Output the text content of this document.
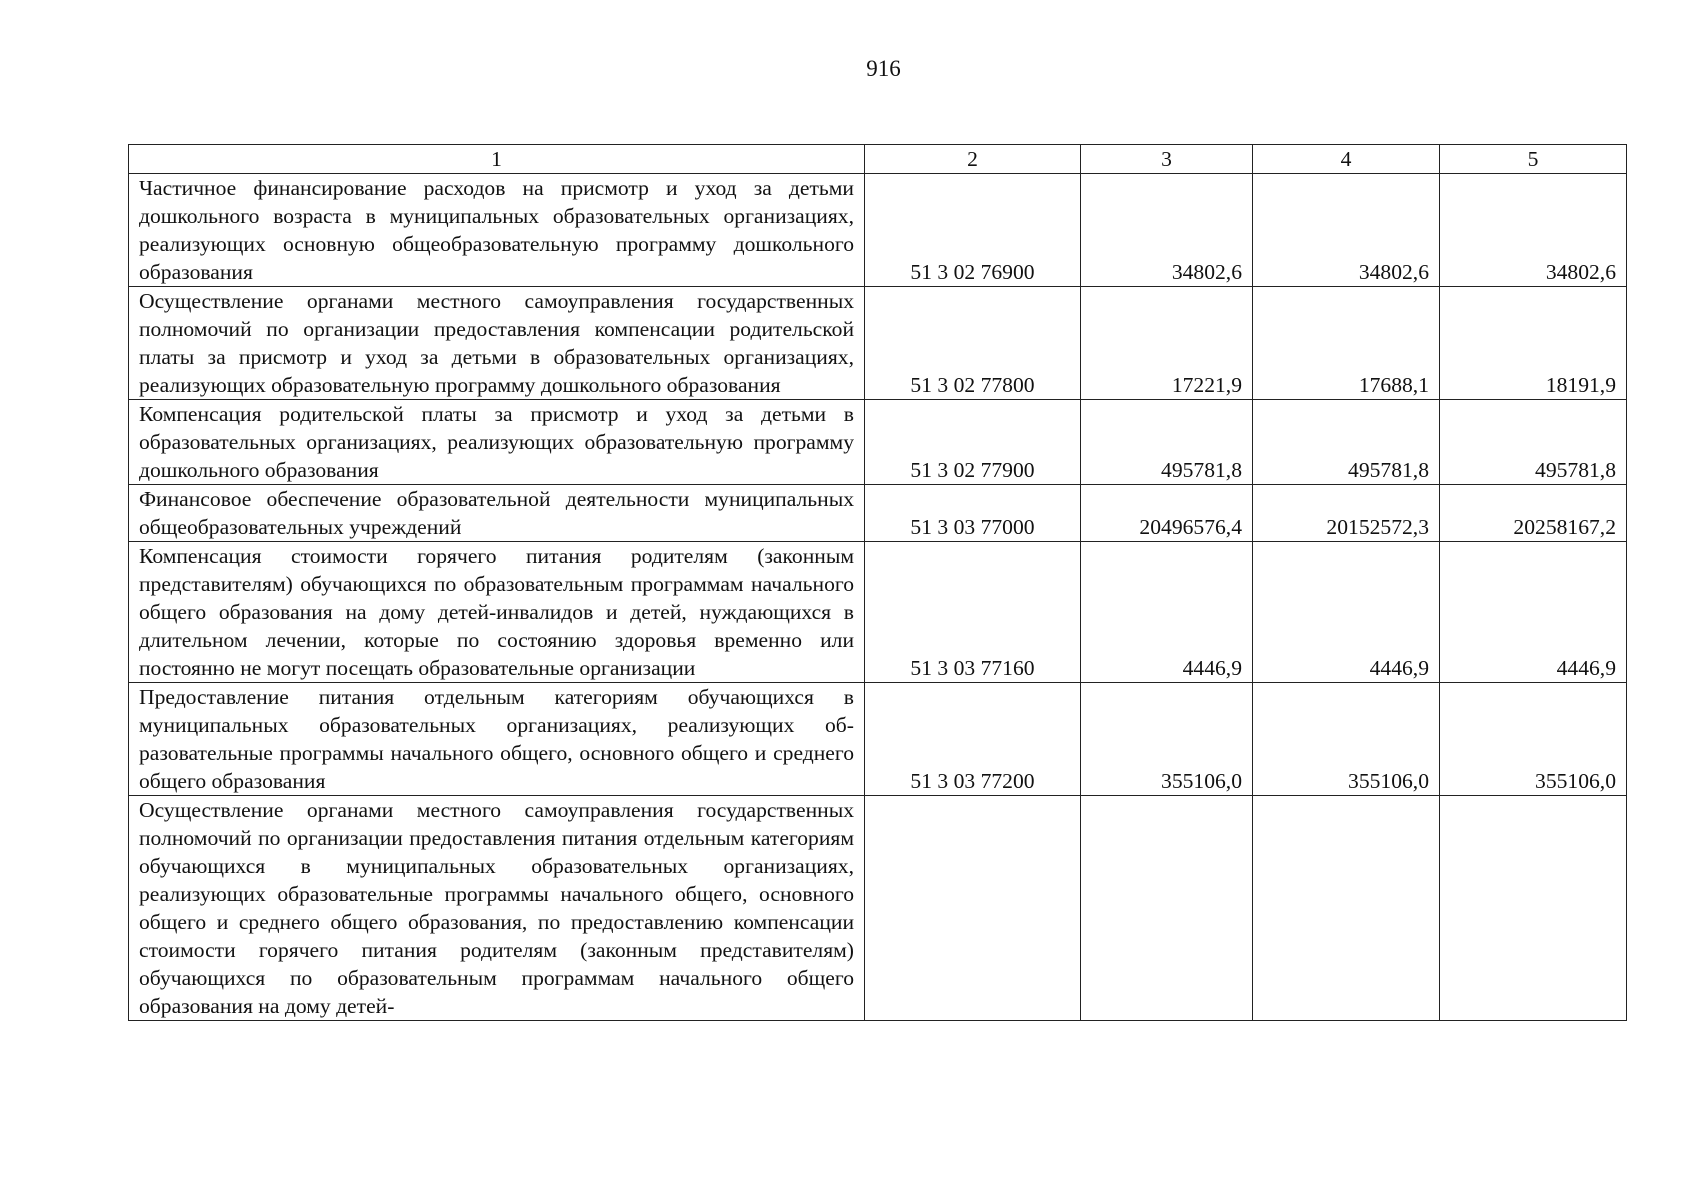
916
1	2	3	4	5
Частичное финансирование расходов на присмотр и уход за детьми дошкольного возраста в муниципальных образовательных организациях, реализующих основную общеобразовательную программу дошкольного образования	51 3 02 76900	34802,6	34802,6	34802,6
Осуществление органами местного самоуправления государственных полномочий по организации предоставления компенсации родительской платы за присмотр и уход за детьми в образовательных организациях, реализующих образовательную программу дошкольного образования	51 3 02 77800	17221,9	17688,1	18191,9
Компенсация родительской платы за присмотр и уход за детьми в образовательных организациях, реализующих образовательную программу дошкольного образования	51 3 02 77900	495781,8	495781,8	495781,8
Финансовое обеспечение образовательной деятельности муниципальных общеобразовательных учреждений	51 3 03 77000	20496576,4	20152572,3	20258167,2
Компенсация стоимости горячего питания родителям (законным представителям) обучающихся по образовательным программам начального общего образования на дому детей-инвалидов и детей, нуждающихся в длительном лечении, которые по состоянию здоровья временно или постоянно не могут посещать образовательные организации	51 3 03 77160	4446,9	4446,9	4446,9
Предоставление питания отдельным категориям обучающихся в муниципальных образовательных организациях, реализующих образовательные программы начального общего, основного общего и среднего общего образования	51 3 03 77200	355106,0	355106,0	355106,0
Осуществление органами местного самоуправления государственных полномочий по организации предоставления питания отдельным категориям обучающихся в муниципальных образовательных организациях, реализующих образовательные программы начального общего, основного общего и среднего общего образования, по предоставлению компенсации стоимости горячего питания родителям (законным представителям) обучающихся по образовательным программам начального общего образования на дому детей-				
